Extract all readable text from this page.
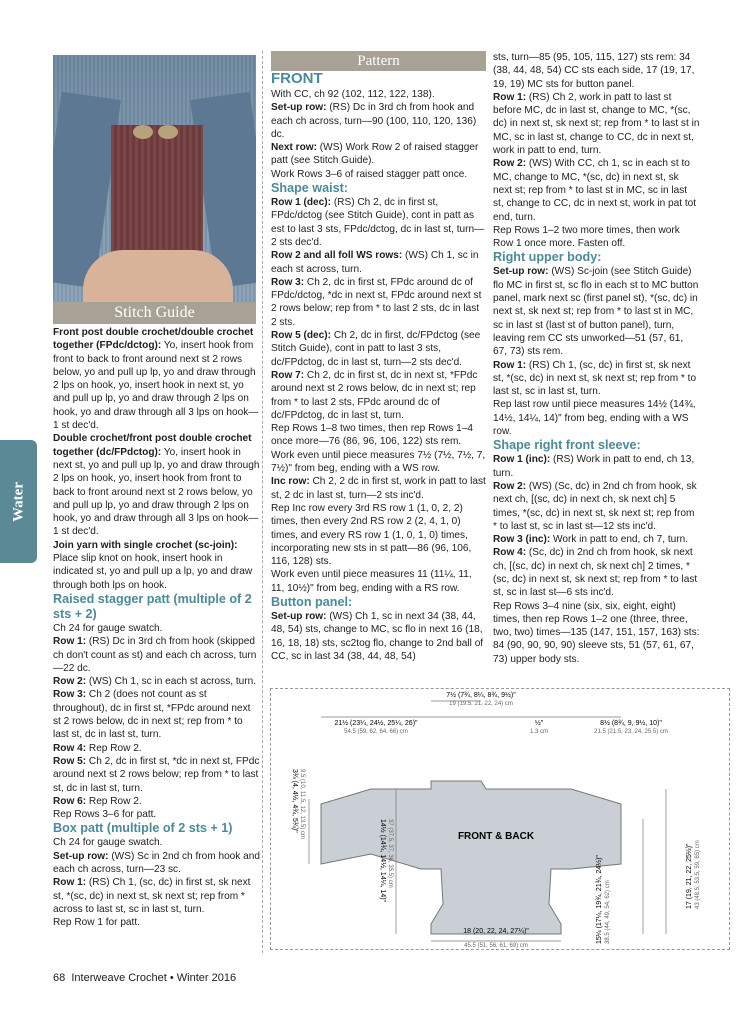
Stitch Guide
Pattern
Water

Front post double crochet/double crochet together (FPdc/dctog): Yo, insert hook from front to back to front around next st 2 rows below, yo and pull up lp, yo and draw through 2 lps on hook, yo, insert hook in next st, yo and pull up lp, yo and draw through 2 lps on hook, yo and draw through all 3 lps on hook—1 st dec'd.

Double crochet/front post double crochet together (dc/FPdctog): Yo, insert hook in next st, yo and pull up lp, yo and draw through 2 lps on hook, yo, insert hook from front to back to front around next st 2 rows below, yo and pull up lp, yo and draw through 2 lps on hook, yo and draw through all 3 lps on hook—1 st dec'd.

Join yarn with single crochet (sc-join): Place slip knot on hook, insert hook in indicated st, yo and pull up a lp, yo and draw through both lps on hook.

Raised stagger patt (multiple of 2 sts + 2)

Ch 24 for gauge swatch.

Row 1: (RS) Dc in 3rd ch from hook (skipped ch don't count as st) and each ch across, turn—22 dc.

Row 2: (WS) Ch 1, sc in each st across, turn.

Row 3: Ch 2 (does not count as st throughout), dc in first st, *FPdc around next st 2 rows below, dc in next st; rep from * to last st, dc in last st, turn.

Row 4: Rep Row 2.

Row 5: Ch 2, dc in first st, *dc in next st, FPdc around next st 2 rows below; rep from * to last st, dc in last st, turn.

Row 6: Rep Row 2.

Rep Rows 3–6 for patt.

Box patt (multiple of 2 sts + 1)

Ch 24 for gauge swatch.

Set-up row: (WS) Sc in 2nd ch from hook and each ch across, turn—23 sc.

Row 1: (RS) Ch 1, (sc, dc) in first st, sk next st, *(sc, dc) in next st, sk next st; rep from * across to last st, sc in last st, turn.

Rep Row 1 for patt.

FRONT

With CC, ch 92 (102, 112, 122, 138).

Set-up row: (RS) Dc in 3rd ch from hook and each ch across, turn—90 (100, 110, 120, 136) dc.

Next row: (WS) Work Row 2 of raised stagger patt (see Stitch Guide).

Work Rows 3–6 of raised stagger patt once.

Shape waist:

Row 1 (dec): (RS) Ch 2, dc in first st, FPdc/dctog (see Stitch Guide), cont in patt as est to last 3 sts, FPdc/dctog, dc in last st, turn—2 sts dec'd.

Row 2 and all foll WS rows: (WS) Ch 1, sc in each st across, turn.

Row 3: Ch 2, dc in first st, FPdc around dc of FPdc/dctog, *dc in next st, FPdc around next st 2 rows below; rep from * to last 2 sts, dc in last 2 sts.

Row 5 (dec): Ch 2, dc in first, dc/FPdctog (see Stitch Guide), cont in patt to last 3 sts, dc/FPdctog, dc in last st, turn—2 sts dec'd.

Row 7: Ch 2, dc in first st, dc in next st, *FPdc around next st 2 rows below, dc in next st; rep from * to last 2 sts, FPdc around dc of dc/FPdctog, dc in last st, turn.

Rep Rows 1–8 two times, then rep Rows 1–4 once more—76 (86, 96, 106, 122) sts rem.

Work even until piece measures 7½ (7½, 7½, 7, 7½)" from beg, ending with a WS row.

Inc row: Ch 2, 2 dc in first st, work in patt to last st, 2 dc in last st, turn—2 sts inc'd.

Rep Inc row every 3rd RS row 1 (1, 0, 2, 2) times, then every 2nd RS row 2 (2, 4, 1, 0) times, and every RS row 1 (1, 0, 1, 0) times, incorporating new sts in st patt—86 (96, 106, 116, 128) sts.

Work even until piece measures 11 (11¼, 11, 11, 10½)" from beg, ending with a RS row.

Button panel:

Set-up row: (WS) Ch 1, sc in next 34 (38, 44, 48, 54) sts, change to MC, sc flo in next 16 (18, 16, 18, 18) sts, sc2tog flo, change to 2nd ball of CC, sc in last 34 (38, 44, 48, 54)

sts, turn—85 (95, 105, 115, 127) sts rem: 34 (38, 44, 48, 54) CC sts each side, 17 (19, 17, 19, 19) MC sts for button panel.

Row 1: (RS) Ch 2, work in patt to last st before MC, dc in last st, change to MC, *(sc, dc) in next st, sk next st; rep from * to last st in MC, sc in last st, change to CC, dc in next st, work in patt to end, turn.

Row 2: (WS) With CC, ch 1, sc in each st to MC, change to MC, *(sc, dc) in next st, sk next st; rep from * to last st in MC, sc in last st, change to CC, dc in next st, work in pat tot end, turn.

Rep Rows 1–2 two more times, then work Row 1 once more. Fasten off.

Right upper body:

Set-up row: (WS) Sc-join (see Stitch Guide) flo MC in first st, sc flo in each st to MC button panel, mark next sc (first panel st), *(sc, dc) in next st, sk next st; rep from * to last st in MC, sc in last st (last st of button panel), turn, leaving rem CC sts unworked—51 (57, 61, 67, 73) sts rem.

Row 1: (RS) Ch 1, (sc, dc) in first st, sk next st, *(sc, dc) in next st, sk next st; rep from * to last st, sc in last st, turn.

Rep last row until piece measures 14½ (14¾, 14½, 14¼, 14)" from beg, ending with a WS row.

Shape right front sleeve:

Row 1 (inc): (RS) Work in patt to end, ch 13, turn.

Row 2: (WS) (Sc, dc) in 2nd ch from hook, sk next ch, [(sc, dc) in next ch, sk next ch] 5 times, *(sc, dc) in next st, sk next st; rep from * to last st, sc in last st—12 sts inc'd.

Row 3 (inc): Work in patt to end, ch 7, turn.

Row 4: (Sc, dc) in 2nd ch from hook, sk next ch, [(sc, dc) in next ch, sk next ch] 2 times, *(sc, dc) in next st, sk next st; rep from * to last st, sc in last st—6 sts inc'd.

Rep Rows 3–4 nine (six, six, eight, eight) times, then rep Rows 1–2 one (three, three, two, two) times—135 (147, 151, 157, 163) sts: 84 (90, 90, 90, 90) sleeve sts, 51 (57, 61, 67, 73) upper body sts.

FRONT & BACK
7½ (7¾, 8¼, 8¾, 9½)"
19 (19.5, 21, 22, 24) cm
21½ (23¼, 24½, 25¼, 26)"
54.5 (59, 62, 64, 66) cm
½"
1.3 cm
8½ (8¾, 9, 9½, 10)"
21.5 (21.5, 23, 24, 25.5) cm
3¾ (4, 4½, 4¾, 5¾)" 9.5 (10, 11.5, 12, 13.5) cm
14½ (14¾, 14½, 14¼, 14)" 37 (37.5, 37, 36, 35.5) cm
15¼ (17¼, 19¾, 21¾, 24½)" 38.5 (44, 49, 54, 62) cm
17 (19, 21, 22, 25½)" 43 (48.5, 53.5, 59, 65) cm
18 (20, 22, 24, 27¼)"
45.5 (51, 56, 61, 69) cm
68 Interweave Crochet • Winter 2016
